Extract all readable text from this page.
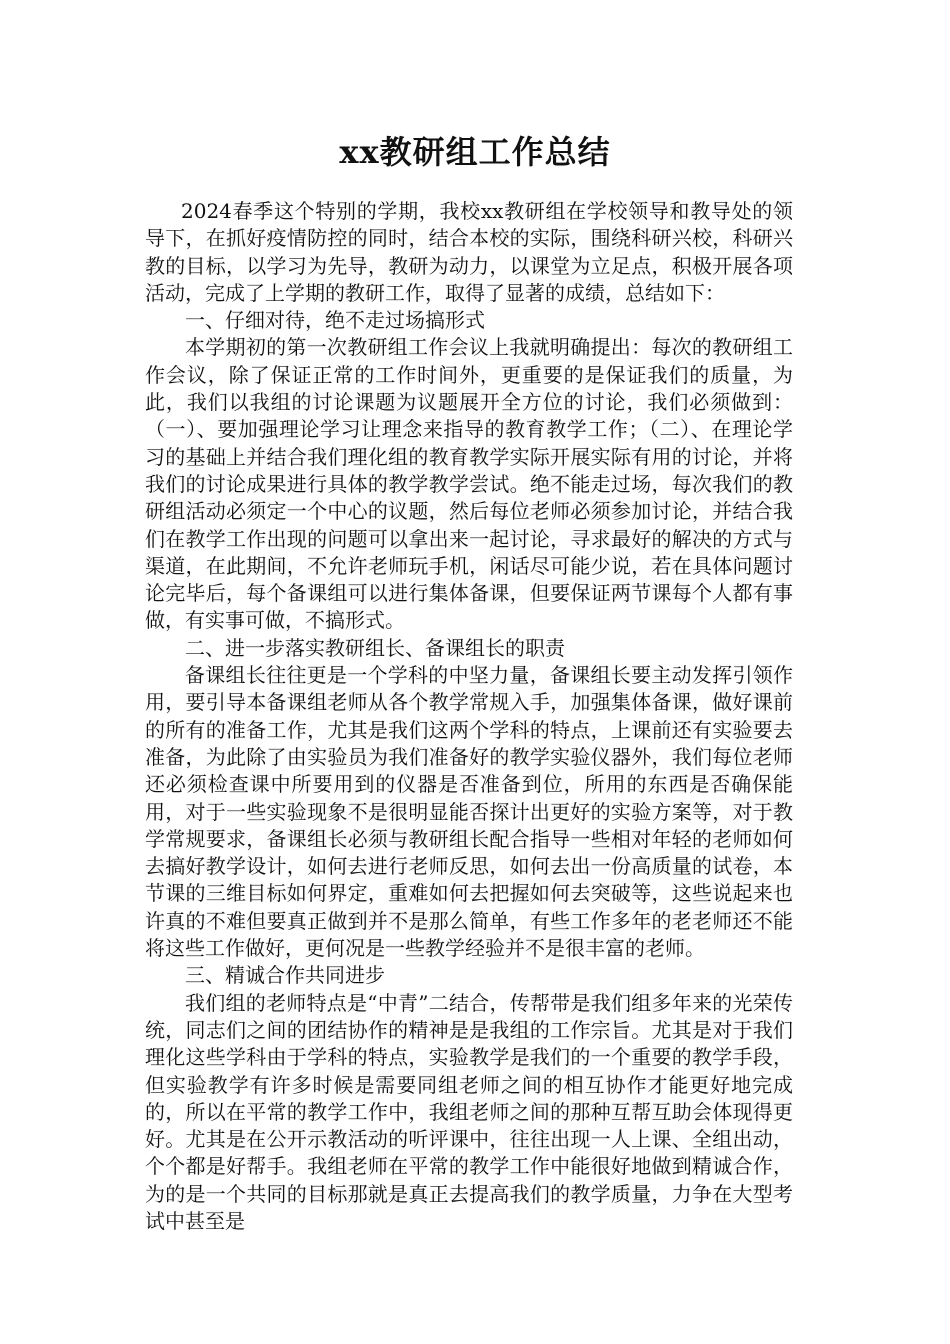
xx教研组工作总结

2024春季这个特别的学期，我校xx教研组在学校领导和教导处的领导下，在抓好疫情防控的同时，结合本校的实际，围绕科研兴校，科研兴教的目标，以学习为先导，教研为动力，以课堂为立足点，积极开展各项活动，完成了上学期的教研工作，取得了显著的成绩，总结如下：

一、仔细对待，绝不走过场搞形式

本学期初的第一次教研组工作会议上我就明确提出：每次的教研组工作会议，除了保证正常的工作时间外，更重要的是保证我们的质量，为此，我们以我组的讨论课题为议题展开全方位的讨论，我们必须做到：（一）、要加强理论学习让理念来指导的教育教学工作；（二）、在理论学习的基础上并结合我们理化组的教育教学实际开展实际有用的讨论，并将我们的讨论成果进行具体的教学教学尝试。绝不能走过场，每次我们的教研组活动必须定一个中心的议题，然后每位老师必须参加讨论，并结合我们在教学工作出现的问题可以拿出来一起讨论，寻求最好的解决的方式与渠道，在此期间，不允许老师玩手机，闲话尽可能少说，若在具体问题讨论完毕后，每个备课组可以进行集体备课，但要保证两节课每个人都有事做，有实事可做，不搞形式。

二、进一步落实教研组长、备课组长的职责

备课组长往往更是一个学科的中坚力量，备课组长要主动发挥引领作用，要引导本备课组老师从各个教学常规入手，加强集体备课，做好课前的所有的准备工作，尤其是我们这两个学科的特点，上课前还有实验要去准备，为此除了由实验员为我们准备好的教学实验仪器外，我们每位老师还必须检查课中所要用到的仪器是否准备到位，所用的东西是否确保能用，对于一些实验现象不是很明显能否探计出更好的实验方案等，对于教学常规要求，备课组长必须与教研组长配合指导一些相对年轻的老师如何去搞好教学设计，如何去进行老师反思，如何去出一份高质量的试卷，本节课的三维目标如何界定，重难如何去把握如何去突破等，这些说起来也许真的不难但要真正做到并不是那么简单，有些工作多年的老老师还不能将这些工作做好，更何况是一些教学经验并不是很丰富的老师。

三、精诚合作共同进步

我们组的老师特点是“中青”二结合，传帮带是我们组多年来的光荣传统，同志们之间的团结协作的精神是是我组的工作宗旨。尤其是对于我们理化这些学科由于学科的特点，实验教学是我们的一个重要的教学手段，但实验教学有许多时候是需要同组老师之间的相互协作才能更好地完成的，所以在平常的教学工作中，我组老师之间的那种互帮互助会体现得更好。尤其是在公开示教活动的听评课中，往往出现一人上课、全组出动，个个都是好帮手。我组老师在平常的教学工作中能很好地做到精诚合作，为的是一个共同的目标那就是真正去提高我们的教学质量，力争在大型考试中甚至是
